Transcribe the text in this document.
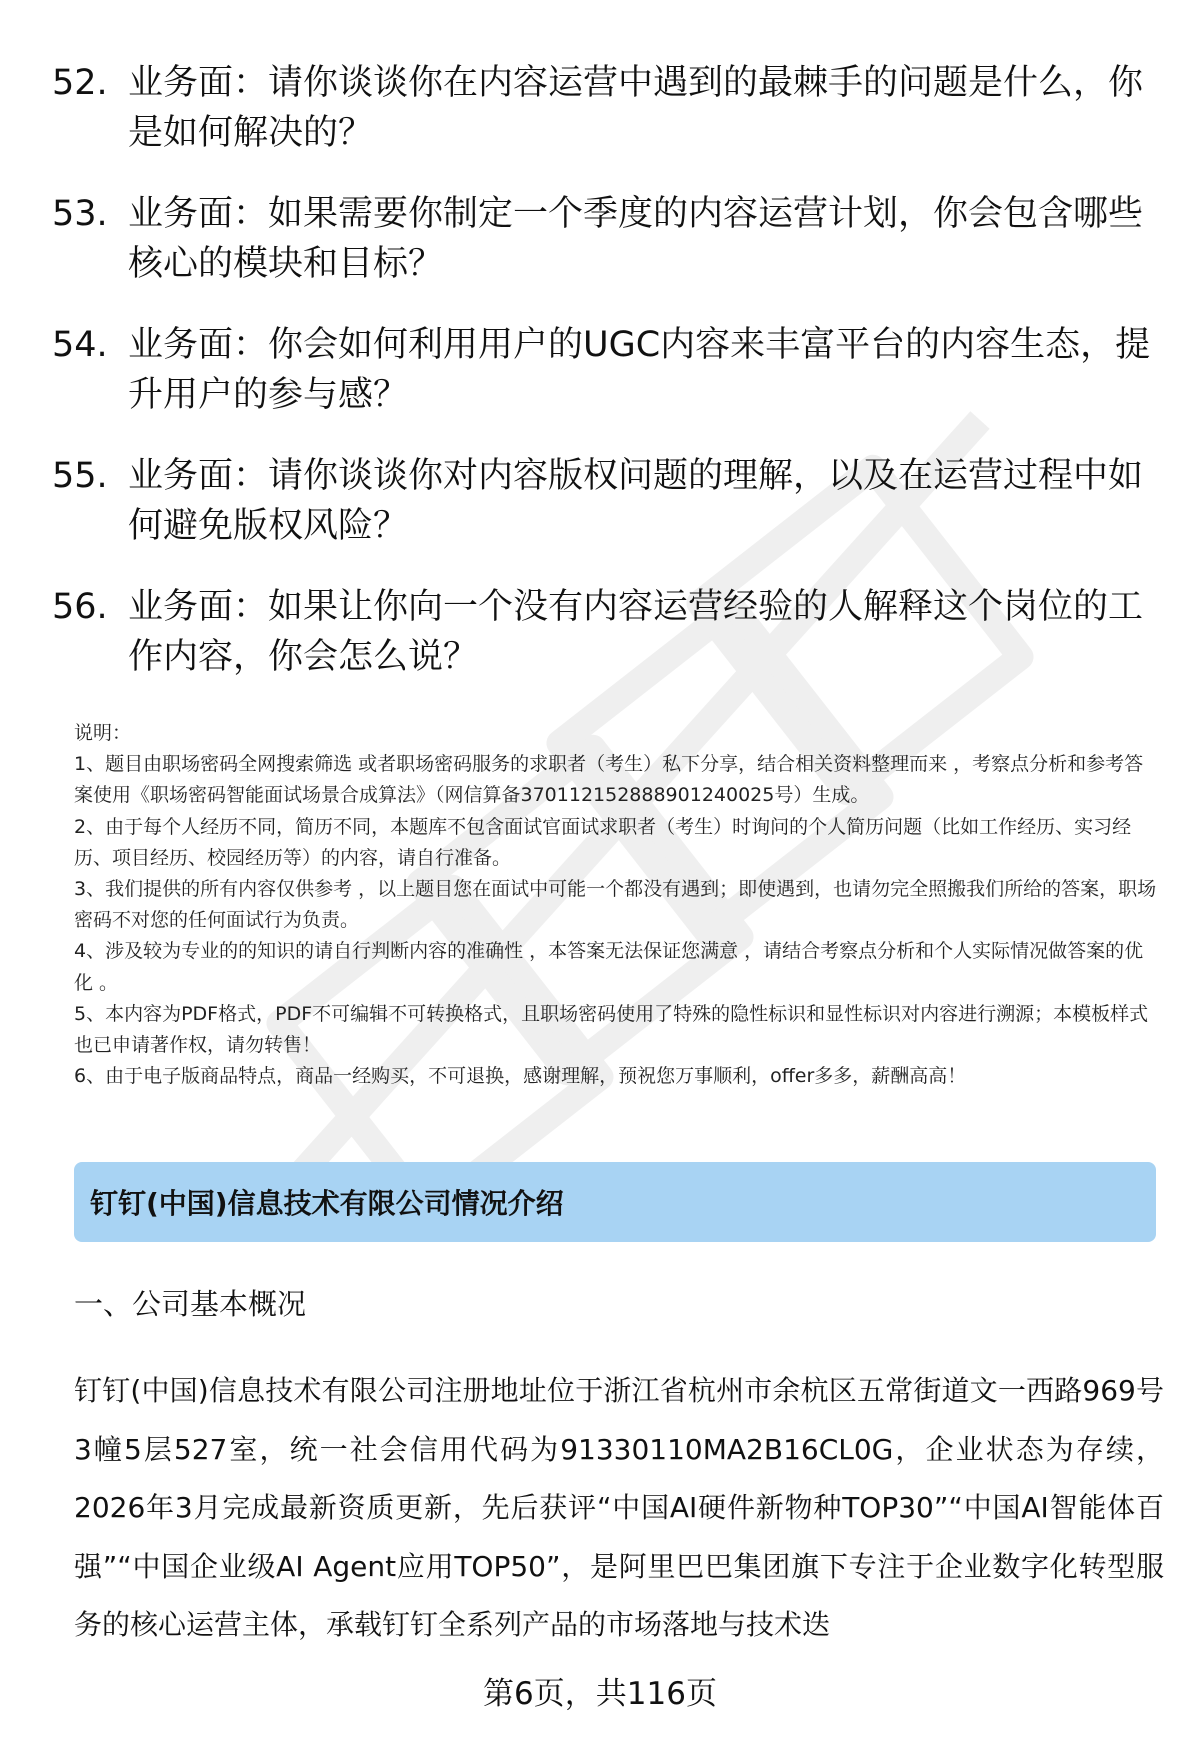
52. 业务面：请你谈谈你在内容运营中遇到的最棘手的问题是什么，你是如何解决的？
53. 业务面：如果需要你制定一个季度的内容运营计划，你会包含哪些核心的模块和目标？
54. 业务面：你会如何利用用户的UGC内容来丰富平台的内容生态，提升用户的参与感？
55. 业务面：请你谈谈你对内容版权问题的理解，以及在运营过程中如何避免版权风险？
56. 业务面：如果让你向一个没有内容运营经验的人解释这个岗位的工作内容，你会怎么说？

说明：

1、题目由职场密码全网搜索筛选 或者职场密码服务的求职者（考生）私下分享，结合相关资料整理而来 ，考察点分析和参考答案使用《职场密码智能面试场景合成算法》（网信算备370112152888901240025号）生成。

2、由于每个人经历不同，简历不同，本题库不包含面试官面试求职者（考生）时询问的个人简历问题（比如工作经历、实习经历、项目经历、校园经历等）的内容，请自行准备。

3、我们提供的所有内容仅供参考 ，以上题目您在面试中可能一个都没有遇到；即使遇到，也请勿完全照搬我们所给的答案，职场密码不对您的任何面试行为负责。

4、涉及较为专业的的知识的请自行判断内容的准确性 ，本答案无法保证您满意 ，请结合考察点分析和个人实际情况做答案的优化 。

5、本内容为PDF格式，PDF不可编辑不可转换格式，且职场密码使用了特殊的隐性标识和显性标识对内容进行溯源；本模板样式也已申请著作权，请勿转售！

6、由于电子版商品特点，商品一经购买，不可退换，感谢理解，预祝您万事顺利，offer多多，薪酬高高！

钉钉(中国)信息技术有限公司情况介绍
一、公司基本概况

钉钉(中国)信息技术有限公司注册地址位于浙江省杭州市余杭区五常街道文一西路969号3幢5层527室，统一社会信用代码为91330110MA2B16CL0G，企业状态为存续，2026年3月完成最新资质更新，先后获评“中国AI硬件新物种TOP30”“中国AI智能体百强”“中国企业级AI Agent应用TOP50”，是阿里巴巴集团旗下专注于企业数字化转型服务的核心运营主体，承载钉钉全系列产品的市场落地与技术迭

第6页，共116页
